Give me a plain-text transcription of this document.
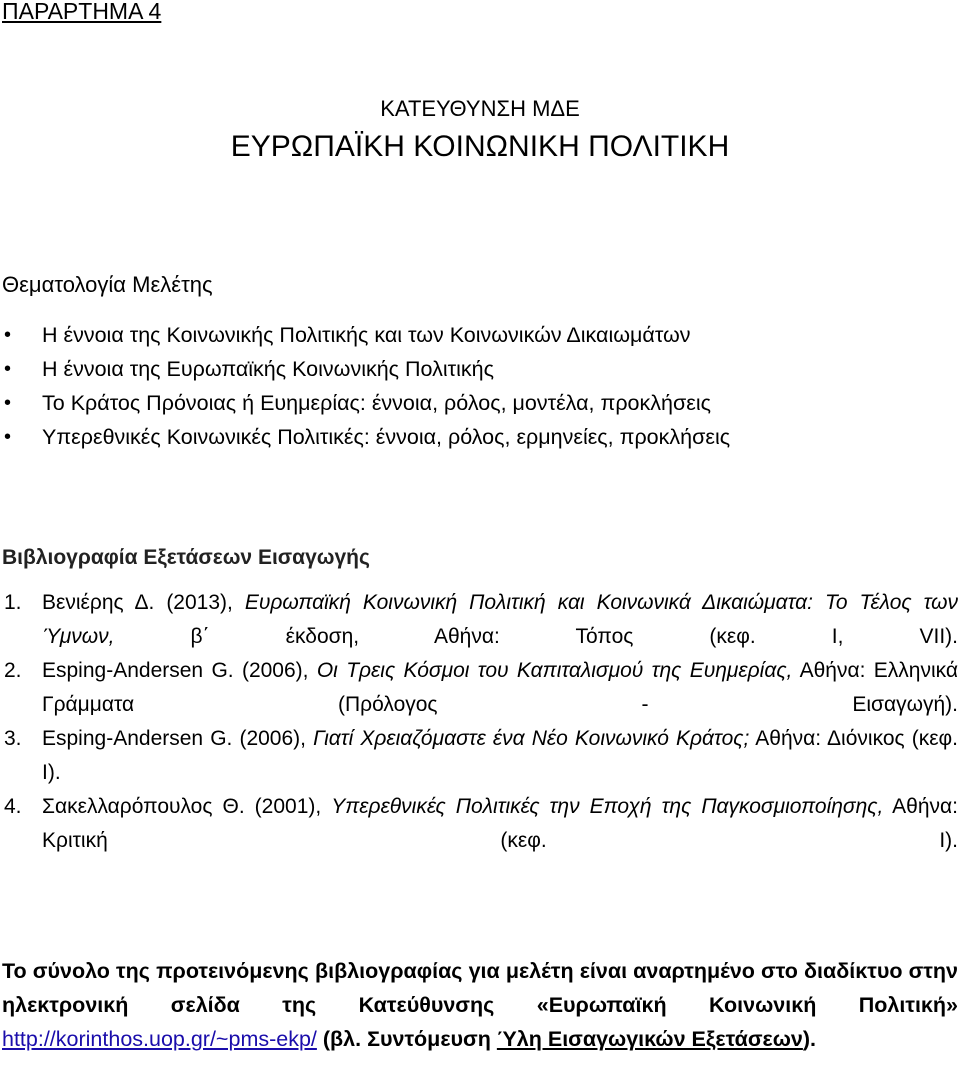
ΠΑΡΑΡΤΗΜΑ 4
ΚΑΤΕΥΘΥΝΣΗ ΜΔΕ
ΕΥΡΩΠΑΪΚΗ ΚΟΙΝΩΝΙΚΗ ΠΟΛΙΤΙΚΗ
Θεματολογία Μελέτης
• Η έννοια της Κοινωνικής Πολιτικής και των Κοινωνικών Δικαιωμάτων
• Η έννοια της Ευρωπαϊκής Κοινωνικής Πολιτικής
• Το Κράτος Πρόνοιας ή Ευημερίας: έννοια, ρόλος, μοντέλα, προκλήσεις
• Υπερεθνικές Κοινωνικές Πολιτικές: έννοια, ρόλος, ερμηνείες, προκλήσεις
Βιβλιογραφία Εξετάσεων Εισαγωγής
1. Βενιέρης Δ. (2013), Ευρωπαϊκή Κοινωνική Πολιτική και Κοινωνικά Δικαιώματα: Το Τέλος των Ύμνων, β΄ έκδοση, Αθήνα: Τόπος (κεφ. I, VII).
2. Esping-Andersen G. (2006), Οι Τρεις Κόσμοι του Καπιταλισμού της Ευημερίας, Αθήνα: Ελληνικά Γράμματα (Πρόλογος - Εισαγωγή).
3. Esping-Andersen G. (2006), Γιατί Χρειαζόμαστε ένα Νέο Κοινωνικό Κράτος; Αθήνα: Διόνικος (κεφ. I).
4. Σακελλαρόπουλος Θ. (2001), Υπερεθνικές Πολιτικές την Εποχή της Παγκοσμιοποίησης, Αθήνα: Κριτική (κεφ. I).
Το σύνολο της προτεινόμενης βιβλιογραφίας για μελέτη είναι αναρτημένο στο διαδίκτυο στην ηλεκτρονική σελίδα της Κατεύθυνσης «Ευρωπαϊκή Κοινωνική Πολιτική» http://korinthos.uop.gr/~pms-ekp/ (βλ. Συντόμευση Ύλη Εισαγωγικών Εξετάσεων).
